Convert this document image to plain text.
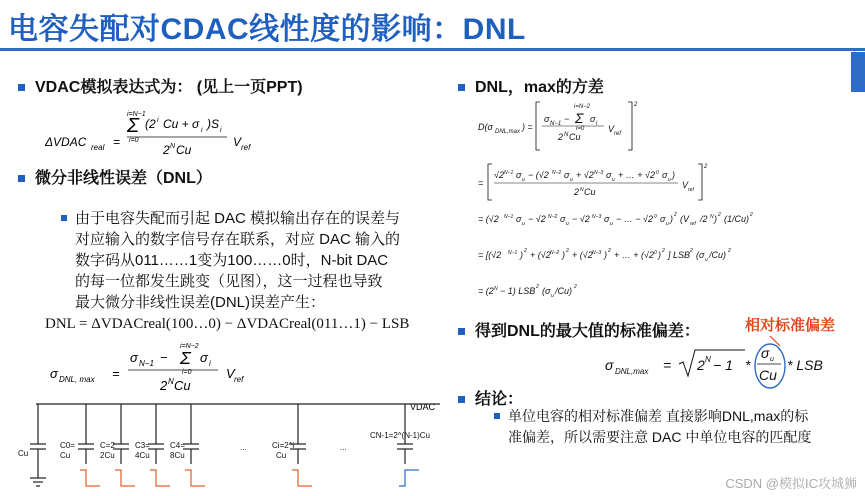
电容失配对CDAC线性度的影响：DNL
VDAC模拟表达式为： (见上一页PPT)
ΔVDAC real =
i=N−1
Σ
i=0
(2 i Cu + σ i )S i
2 N Cu
V ref
微分非线性误差（DNL）
由于电容失配而引起 DAC 模拟输出存在的误差与
对应输入的数字信号存在联系，对应 DAC 输入的
数字码从011……1变为100……0时，N-bit DAC
的每一位都发生跳变（见图），这一过程也导致
最大微分非线性误差(DNL)误差产生：
DNL = ΔVDACreal(100…0) − ΔVDACreal(011…1) − LSB
σ DNL, max =
σ N−1 −
i=N−2
Σ
i=0
σ i
2 N Cu
V ref
VDAC
Cu
C0=
Cu
C=2
2Cu
C3=
4Cu
C4=
8Cu
...	Ci=2^i
Cu
...
CN-1=2^(N-1)Cu
DNL，max的方差
D(σ DNL,max ) =
σ N−1 −
i=N−2
Σ
i=0
σ i
2 N Cu
V ref
2
=
√2 N−1 σ u − (√2 N−2 σ u + √2 N−3 σ u + … + √2 0 σ u )
2 N Cu
V ref
2
= (√2 N−1 σ u − √2 N−2 σ u − √2 N−3 σ u − … − √2 0 σ u ) 2 (V ref /2 N ) 2 (1/Cu) 2
= [(√2 N−1 ) 2 + (√2 N−2 ) 2 + (√2 N−3 ) 2 + … + (√2 0 ) 2 ] LSB 2 (σ u /Cu) 2
= (2 N − 1) LSB 2 (σ u /Cu) 2
得到DNL的最大值的标准偏差：	相对标准偏差
σ DNL,max = 2 N − 1 *
σ u
Cu
* LSB
结论：
单位电容的相对标准偏差 直接影响DNL,max的标
准偏差，所以需要注意 DAC 中单位电容的匹配度
CSDN @模拟IC攻城狮
